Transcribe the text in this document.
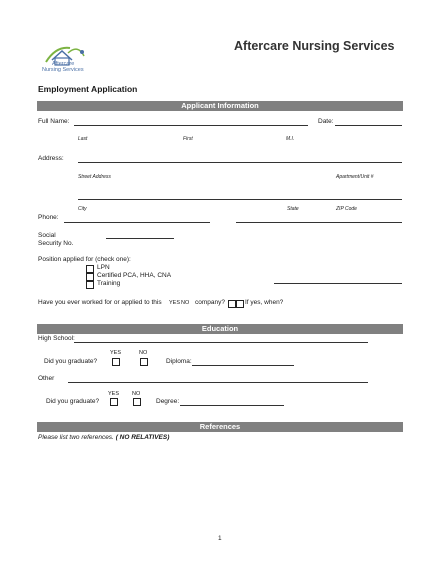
Aftercare
Nursing Services
Aftercare Nursing Services
Employment Application
Applicant Information
Full Name:	Date:
Last	First	M.I.
Address:
Street Address	Apartment/Unit #
City	State	ZIP Code
Phone:
Social
Security No.
Position applied for (check one):
LPN
Certified PCA, HHA, CNA
Training
Have you ever worked for or applied to this YES NO company?	If yes, when?
Education
High School:
YES	NO
Did you graduate?	Diploma:
Other
YES NO
Did you graduate?	Degree:
References
Please list two references. ( NO RELATIVES)
1
